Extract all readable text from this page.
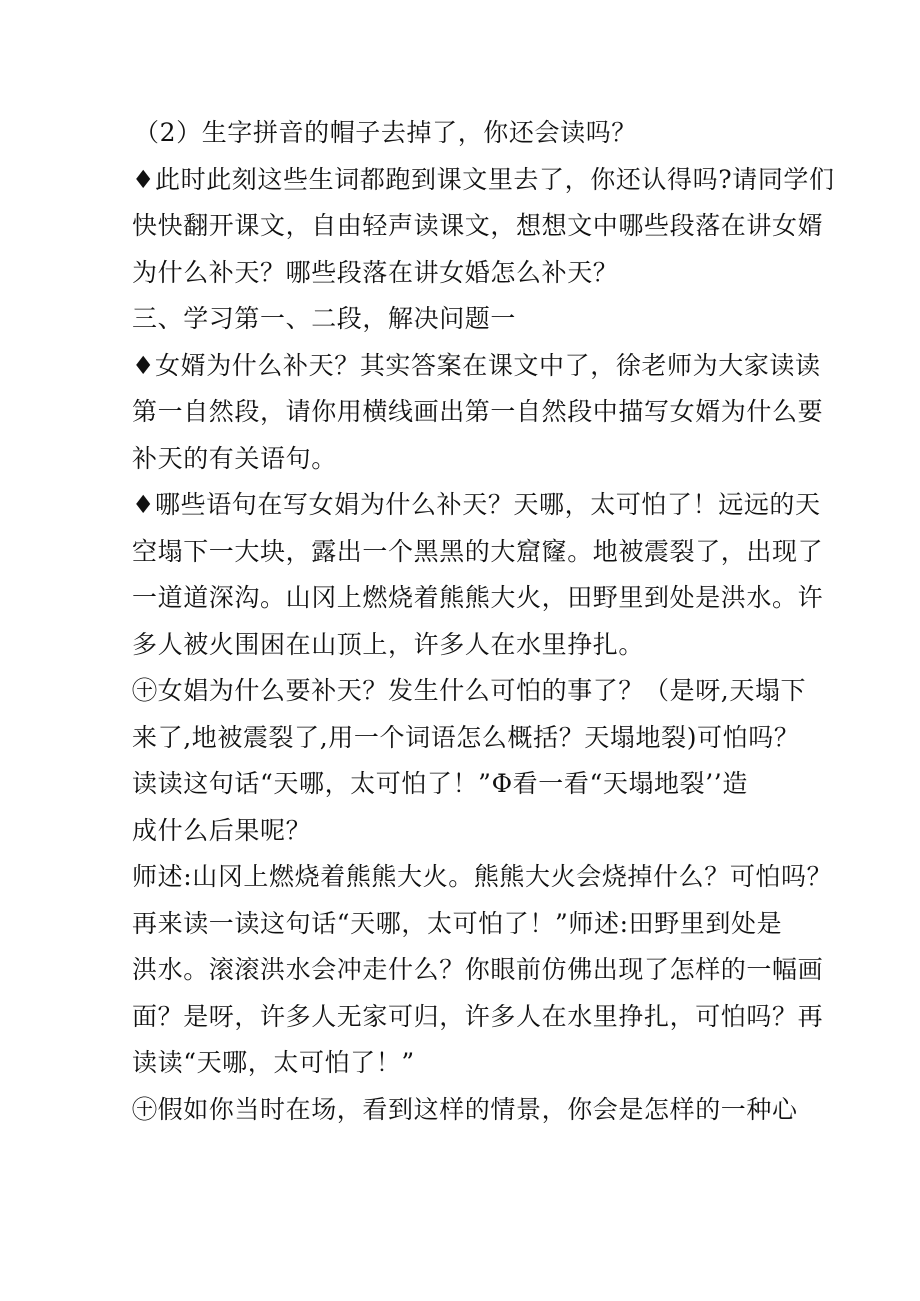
（2）生字拼音的帽子去掉了，你还会读吗？
♦此时此刻这些生词都跑到课文里去了，你还认得吗?请同学们
快快翻开课文，自由轻声读课文，想想文中哪些段落在讲女婿
为什么补天？哪些段落在讲女婚怎么补天？
三、学习第一、二段，解决问题一
♦女婿为什么补天？其实答案在课文中了，徐老师为大家读读
第一自然段，请你用横线画出第一自然段中描写女婿为什么要
补天的有关语句。
♦哪些语句在写女娟为什么补天？天哪，太可怕了！远远的天
空塌下一大块，露出一个黑黑的大窟窿。地被震裂了，出现了
一道道深沟。山冈上燃烧着熊熊大火，田野里到处是洪水。许
多人被火围困在山顶上，许多人在水里挣扎。
㊉女娼为什么要补天？发生什么可怕的事了？（是呀,天塌下
来了,地被震裂了,用一个词语怎么概括？天塌地裂)可怕吗？
读读这句话“天哪，太可怕了！”Φ看一看“天塌地裂’’造
成什么后果呢？
师述:山冈上燃烧着熊熊大火。熊熊大火会烧掉什么？可怕吗？
再来读一读这句话“天哪，太可怕了！”师述:田野里到处是
洪水。滚滚洪水会冲走什么？你眼前仿佛出现了怎样的一幅画
面？是呀，许多人无家可归，许多人在水里挣扎，可怕吗？再
读读“天哪，太可怕了！”
㊉假如你当时在场，看到这样的情景，你会是怎样的一种心
